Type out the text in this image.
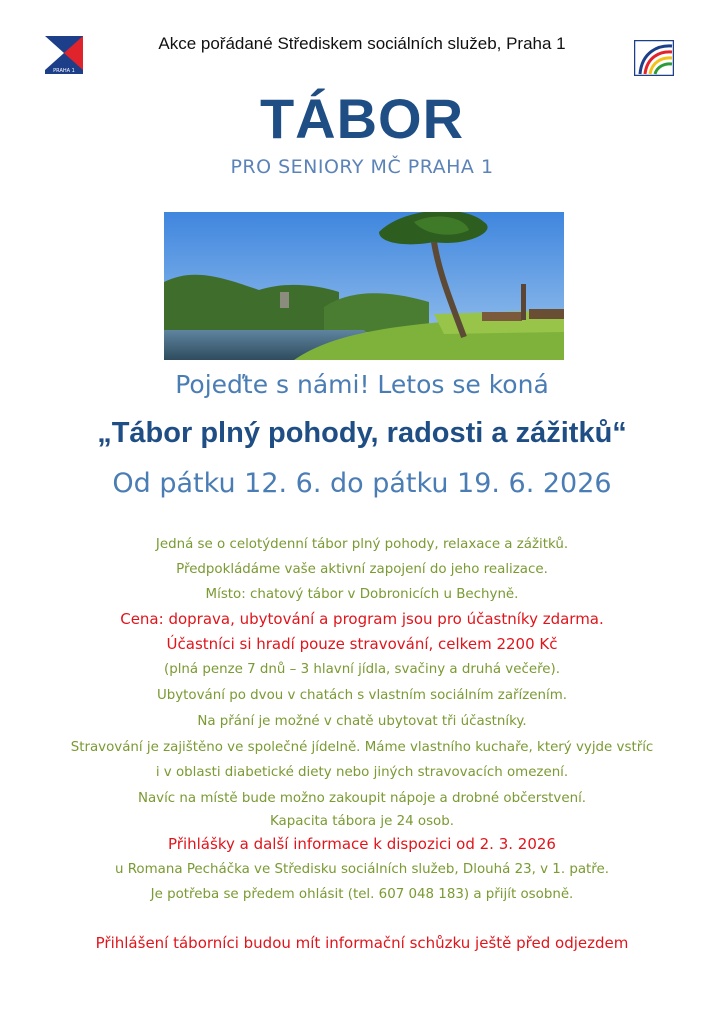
Akce pořádané Střediskem sociálních služeb, Praha 1
PRAHA 1
TÁBOR
PRO SENIORY MČ PRAHA 1
Pojeďte s námi! Letos se koná
„Tábor plný pohody, radosti a zážitků“
Od pátku 12. 6. do pátku 19. 6. 2026
Jedná se o celotýdenní tábor plný pohody, relaxace a zážitků.
Předpokládáme vaše aktivní zapojení do jeho realizace.
Místo: chatový tábor v Dobronicích u Bechyně.
Cena: doprava, ubytování a program jsou pro účastníky zdarma.
Účastníci si hradí pouze stravování, celkem 2200 Kč
(plná penze 7 dnů – 3 hlavní jídla, svačiny a druhá večeře).
Ubytování po dvou v chatách s vlastním sociálním zařízením.
Na přání je možné v chatě ubytovat tři účastníky.
Stravování je zajištěno ve společné jídelně. Máme vlastního kuchaře, který vyjde vstříc
i v oblasti diabetické diety nebo jiných stravovacích omezení.
Navíc na místě bude možno zakoupit nápoje a drobné občerstvení.
Kapacita tábora je 24 osob.
Přihlášky a další informace k dispozici od 2. 3. 2026
u Romana Pecháčka ve Středisku sociálních služeb, Dlouhá 23, v 1. patře.
Je potřeba se předem ohlásit (tel. 607 048 183) a přijít osobně.
Přihlášení táborníci budou mít informační schůzku ještě před odjezdem
